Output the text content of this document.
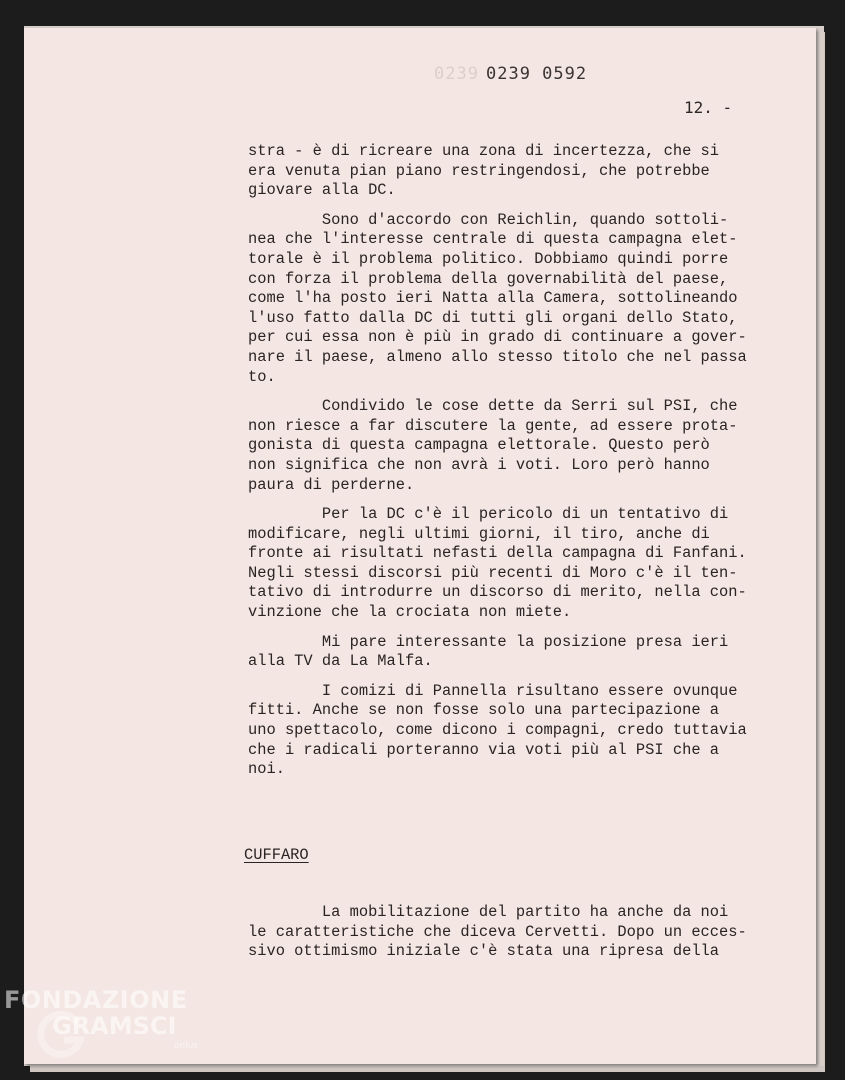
0239 0239 0592
12. -

stra - è di ricreare una zona di incertezza, che si
era venuta pian piano restringendosi, che potrebbe
giovare alla DC.

Sono d'accordo con Reichlin, quando sottoli-
nea che l'interesse centrale di questa campagna elet-
torale è il problema politico. Dobbiamo quindi porre
con forza il problema della governabilità del paese,
come l'ha posto ieri Natta alla Camera, sottolineando
l'uso fatto dalla DC di tutti gli organi dello Stato,
per cui essa non è più in grado di continuare a gover-
nare il paese, almeno allo stesso titolo che nel passa
to.

Condivido le cose dette da Serri sul PSI, che
non riesce a far discutere la gente, ad essere prota-
gonista di questa campagna elettorale. Questo però
non significa che non avrà i voti. Loro però hanno
paura di perderne.

Per la DC c'è il pericolo di un tentativo di
modificare, negli ultimi giorni, il tiro, anche di
fronte ai risultati nefasti della campagna di Fanfani.
Negli stessi discorsi più recenti di Moro c'è il ten-
tativo di introdurre un discorso di merito, nella con-
vinzione che la crociata non miete.

Mi pare interessante la posizione presa ieri
alla TV da La Malfa.

I comizi di Pannella risultano essere ovunque
fitti. Anche se non fosse solo una partecipazione a
uno spettacolo, come dicono i compagni, credo tuttavia
che i radicali porteranno via voti più al PSI che a
noi.

CUFFARO

La mobilitazione del partito ha anche da noi
le caratteristiche che diceva Cervetti. Dopo un ecces-
sivo ottimismo iniziale c'è stata una ripresa della

FONDAZIONE
GRAMSCI
onlus
